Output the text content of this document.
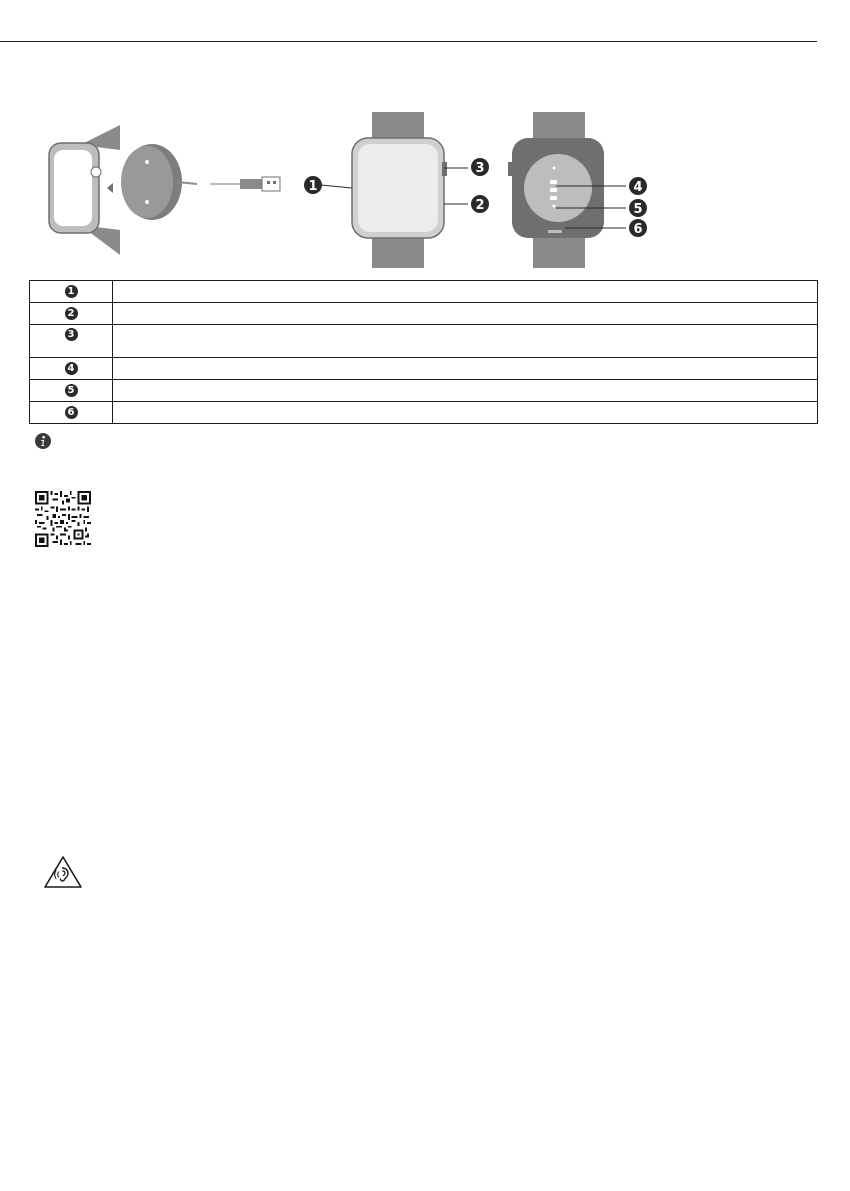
1
3
2
4
5
6
1	
2	
3	
4	
5	
6	
